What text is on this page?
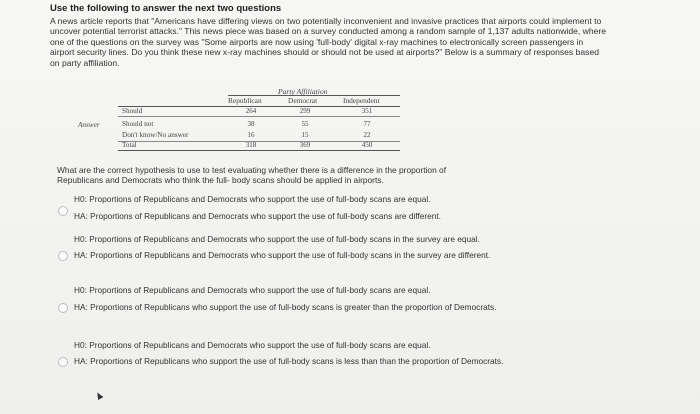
Use the following to answer the next two questions
A news article reports that "Americans have differing views on two potentially inconvenient and invasive practices that airports could implement to
uncover potential terrorist attacks." This news piece was based on a survey conducted among a random sample of 1,137 adults nationwide, where
one of the questions on the survey was "Some airports are now using 'full-body' digital x-ray machines to electronically screen passengers in
airport security lines. Do you think these new x-ray machines should or should not be used at airports?" Below is a summary of responses based
on party affiliation.
Party Affiliation
Republican	Democrat	Independent
Answer
Should	264	299	351
Should not	38	55	77
Don't know/No answer	16	15	22
Total	318	369	450
What are the correct hypothesis to use to test evaluating whether there is a difference in the proportion of
Republicans and Democrats who think the full- body scans should be applied in airports.
H0: Proportions of Republicans and Democrats who support the use of full-body scans are equal.
HA: Proportions of Republicans and Democrats who support the use of full-body scans are different.
H0: Proportions of Republicans and Democrats who support the use of full-body scans in the survey are equal.
HA: Proportions of Republicans and Democrats who support the use of full-body scans in the survey are different.
H0: Proportions of Republicans and Democrats who support the use of full-body scans are equal.
HA: Proportions of Republicans who support the use of full-body scans is greater than the proportion of Democrats.
H0: Proportions of Republicans and Democrats who support the use of full-body scans are equal.
HA: Proportions of Republicans who support the use of full-body scans is less than than the proportion of Democrats.
